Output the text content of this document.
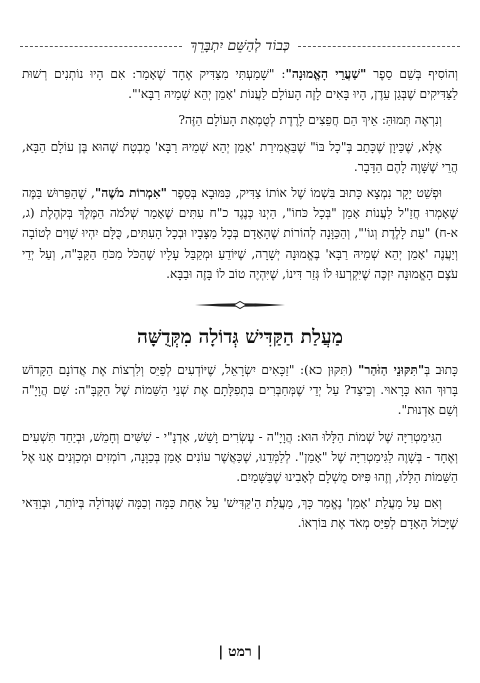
כְּבוֹד לְהַשֵּׁם יִתְבָּרֵךְ

וְהוֹסִיף בְּשֵׁם סֵפֶר "שַׁעֲרֵי הָאֱמוּנָה": "שָׁמַעְתִּי מִצַּדִּיק אֶחָד שֶׁאָמַר: אִם הָיוּ נוֹתְנִים רְשׁוּת לַצַּדִּיקִים שֶׁבְּגַן עֵדֶן, הָיוּ בָּאִים לָזֶה הָעוֹלָם לַעֲנוֹת 'אָמֵן יְהֵא שְׁמֵיהּ רַבָּא'".

וְנִרְאֶה תְּמוּהַּ: אֵיךְ הֵם חֲפֵצִים לָרֶדֶת לְטֻמְאַת הָעוֹלָם הַזֶּה?

אֶלָּא, שֶׁכֵּיוָן שֶׁכָּתַב בְּ"כָל בּוֹ" שֶׁבַּאֲמִירַת 'אָמֵן יְהֵא שְׁמֵיהּ רַבָּא' מֻבְטָח שֶׁהוּא בֶּן עוֹלָם הַבָּא, הֲרֵי שֶׁשָּׁוֶה לָהֶם הַדָּבָר.

וּפְשֵׁט יָקָר נִמְצָא כָּתוּב בִּשְׁמוֹ שֶׁל אוֹתוֹ צַדִּיק, כַּמּוּבָא בְּסֵפֶר "אִמְרוֹת מֹשֶׁה", שֶׁהַפֵּרוּשׁ בַּמֶּה שֶׁאָמְרוּ חֲזַ"ל לַעֲנוֹת אָמֵן "בְּכָל כֹּחוֹ", הַיְנוּ כְּנֶגֶד כ"ח עִתִּים שֶׁאָמַר שְׁלֹמֹה הַמֶּלֶךְ בְּקֹהֶלֶת (ג, א-ח) "עֵת לָלֶדֶת וְגוֹ'", וְהַכַּוָּנָה לְהוֹרוֹת שֶׁהָאָדָם בְּכָל מַצָּבָיו וּבְכָל הָעִתִּים, כֻּלָּם יִהְיוּ שָׁוִים לְטוֹבָה וְיַעֲנֶה 'אָמֵן יְהֵא שְׁמֵיהּ רַבָּא' בֶּאֱמוּנָה יְשָׁרָה, שֶׁיּוֹדֵעַ וּמְקַבֵּל עָלָיו שֶׁהַכֹּל מִכֹּחַ הַקָּבָּ"ה, וְעַל יְדֵי עֹצֶם הָאֱמוּנָה יִזְכֶּה שֶׁיִּקְרְעוּ לוֹ גְּזַר דִּינוֹ, שֶׁיִּהְיֶה טוֹב לוֹ בָּזֶה וּבַבָּא.

מַעֲלַת הַקַּדִּישׁ גְּדוֹלָה מִקְּדֻשָּׁה

כָּתוּב בְּ"תִּקּוּנֵי הַזֹּהַר" (תִּקּוּן כא): "זַכָּאִים יִשְׂרָאֵל, שֶׁיּוֹדְעִים לְפַיֵּס וְלִרְצוֹת אֶת אֲדוֹנָם הַקָּדוֹשׁ בָּרוּךְ הוּא כָּרָאוּי. וְכֵיצַד? עַל יְדֵי שֶׁמְּחַבְּרִים בִּתְפִלָּתָם אֶת שְׁנֵי הַשֵּׁמוֹת שֶׁל הַקָּבָּ"ה: שֵׁם הֲוָיָ"ה וְשֵׁם אַדְנוּת".

הַגִּימַטְרִיָּה שֶׁל שְׁמוֹת הַלָּלוּ הוּא: הֲוָיָ"ה - עֶשְׂרִים וָשֵׁשׁ, אַדְנָ"י - שִׁשִּׁים וְחָמֵשׁ, וּבְיַחַד תִּשְׁעִים וְאֶחָד - בְּשָׁוֶה לַגִּימַטְרִיָּה שֶׁל "אָמֵן". לְלַמְּדֵנוּ, שֶׁכַּאֲשֶׁר עוֹנִים אָמֵן בְּכַוָּנָה, רוֹמְזִים וּמְכַוְּנִים אָנוּ אֶל הַשֵּׁמוֹת הַלָּלוּ, וְזֶהוּ פִּיּוּס מֻשְׁלָם לְאָבִינוּ שֶׁבַּשָּׁמַיִם.

וְאִם עַל מַעֲלַת 'אָמֵן' נֶאֱמַר כָּךְ, מַעֲלַת הַ'קַּדִּישׁ' עַל אַחַת כַּמָּה וְכַמָּה שֶׁגְּדוֹלָה בְּיוֹתֵר, וּבְוַדַּאי שֶׁיָּכוֹל הָאָדָם לְפַיֵּס מְאֹד אֶת בּוֹרְאוֹ.

| רמט |
